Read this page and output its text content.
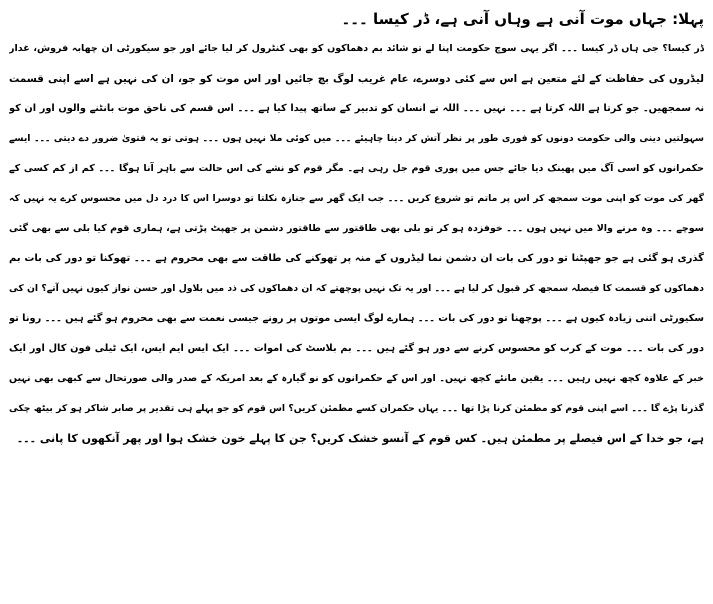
پہلا: جہاں موت آنی ہے وہاں آنی ہے، ڈر کیسا ۔۔۔
ڈر کیسا؟ جی ہاں ڈر کیسا ۔۔۔ اگر یہی سوچ حکومت اپنا لے تو شائد بم دھماکوں کو بھی کنٹرول کر لیا جائے اور جو سیکورٹی ان چھابہ فروش، غدار
لیڈروں کی حفاظت کے لئے متعین ہے اس سے کئی دوسرے، عام غریب لوگ بچ جائیں اور اس موت کو جو، ان کی نہیں ہے اسے اپنی قسمت
نہ سمجھیں۔ جو کرتا ہے اللہ کرتا ہے ۔۔۔ نہیں ۔۔۔ اللہ نے انسان کو تدبیر کے ساتھ پیدا کیا ہے ۔۔۔ اس قسم کی ناحق موت بانٹنے والوں اور ان کو
سہولتیں دینی والی حکومت دونوں کو فوری طور پر نظر آتش کر دینا چاہیئے ۔۔۔ میں کوئی ملا نہیں ہوں ۔۔۔ ہوتی تو یہ فتویٰ ضرور دے دیتی ۔۔۔ ایسے
حکمرانوں کو اسی آگ میں پھینک دیا جائے جس میں پوری قوم جل رہی ہے۔ مگر قوم کو نشے کی اس حالت سے باہر آنا ہوگا ۔۔۔ کم از کم کسی کے
گھر کی موت کو اپنی موت سمجھ کر اس پر ماتم تو شروع کریں ۔۔۔ جب ایک گھر سے جنازہ نکلتا تو دوسرا اس کا درد دل میں محسوس کرے یہ نہیں کہ
سوچے ۔۔۔ وہ مرنے والا میں نہیں ہوں ۔۔۔ خوفزدہ ہو کر تو بلی بھی طاقتور سے طاقتور دشمن پر جھپٹ پڑتی ہے، ہماری قوم کیا بلی سے بھی گئی
گذری ہو گئی ہے جو جھپٹنا تو دور کی بات ان دشمن نما لیڈروں کے منہ پر تھوکنے کی طاقت سے بھی محروم ہے ۔۔۔ تھوکنا تو دور کی بات بم
دھماکوں کو قسمت کا فیصلہ سمجھ کر قبول کر لیا ہے ۔۔۔ اور یہ تک نہیں پوچھتے کہ ان دھماکوں کی ذد میں بلاول اور حسن نواز کیوں نہیں آتے؟ ان کی
سکیورٹی اتنی زیادہ کیوں ہے ۔۔۔ پوچھنا تو دور کی بات ۔۔۔ ہمارے لوگ ایسی موتوں پر رونے جیسی نعمت سے بھی محروم ہو گئے ہیں ۔۔۔ رونا تو
دور کی بات ۔۔۔ موت کے کرب کو محسوس کرنے سے دور ہو گئے ہیں ۔۔۔ بم بلاسٹ کی اموات ۔۔۔ ایک ایس ایم ایس، ایک ٹیلی فون کال اور ایک
خبر کے علاوہ کچھ نہیں رہیں ۔۔۔ یقین مانئے کچھ نہیں۔ اور اس کے حکمرانوں کو نو گیارہ کے بعد امریکہ کے صدر والی صورتحال سے کبھی بھی نہیں
گذرنا پڑے گا ۔۔۔ اسے اپنی قوم کو مطمئن کرنا پڑا تھا ۔۔۔ یہاں حکمران کسے مطمئن کریں؟ اس قوم کو جو پہلے ہی تقدیر پر صابر شاکر ہو کر بیٹھ چکی
ہے، جو خدا کے اس فیصلے پر مطمئن ہیں۔ کس قوم کے آنسو خشک کریں؟ جن کا پہلے خون خشک ہوا اور پھر آنکھوں کا پانی ۔۔۔
